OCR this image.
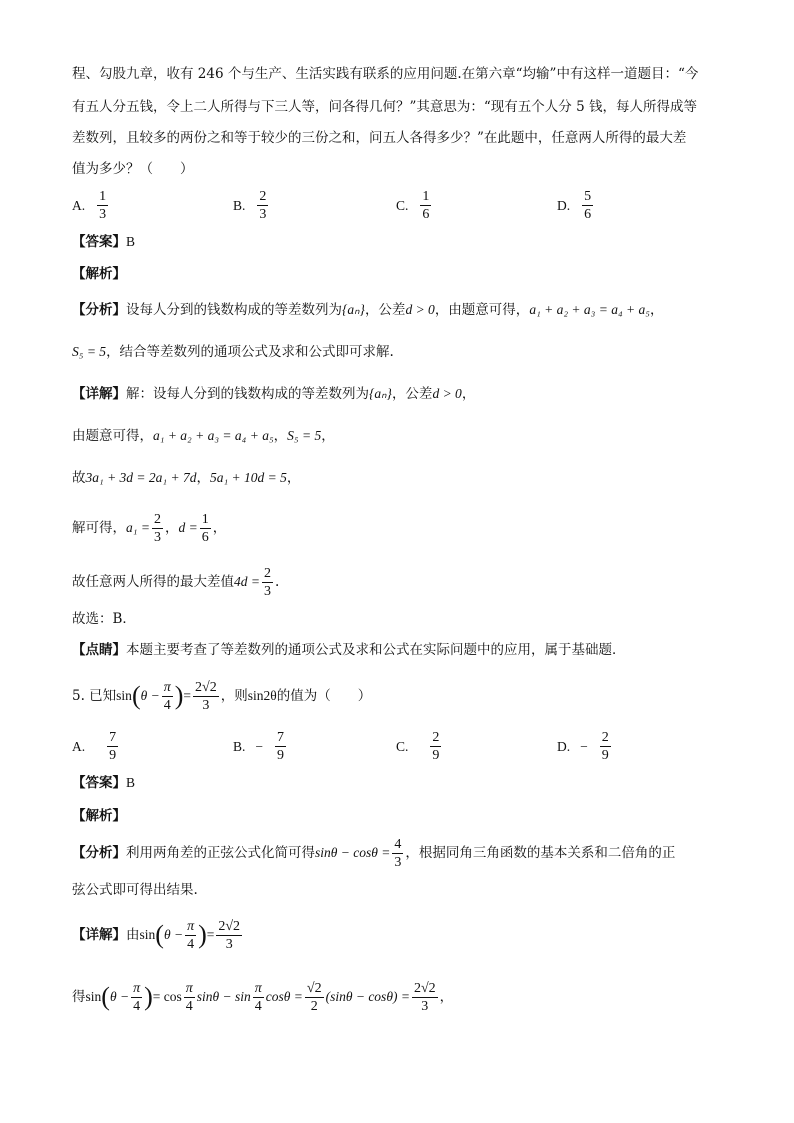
程、勾股九章，收有 246 个与生产、生活实践有联系的应用问题.在第六章“均输”中有这样一道题目：“今
有五人分五钱，令上二人所得与下三人等，问各得几何？”其意思为：“现有五个人分 5 钱，每人所得成等
差数列，且较多的两份之和等于较少的三份之和，问五人各得多少？”在此题中，任意两人所得的最大差
值为多少？（　　）
A. $\frac{1}{3}$	B. $\frac{2}{3}$	C. $\frac{1}{6}$	D. $\frac{5}{6}$
【答案】B
【解析】
【分析】设每人分到的钱数构成的等差数列为{aₙ}，公差d > 0，由题意可得，a₁ + a₂ + a₃ = a₄ + a₅，
S₅ = 5，结合等差数列的通项公式及求和公式即可求解.
【详解】解：设每人分到的钱数构成的等差数列为{aₙ}，公差d > 0，
由题意可得，a₁ + a₂ + a₃ = a₄ + a₅，S₅ = 5，
故3a₁ + 3d = 2a₁ + 7d，5a₁ + 10d = 5，
解可得， $a_1 = \frac{2}{3}$ ， $d = \frac{1}{6}$ ，
故任意两人所得的最大差值 $4d = \frac{2}{3}$ .
故选：B．
【点睛】本题主要考查了等差数列的通项公式及求和公式在实际问题中的应用，属于基础题．
5. 已知 sin ( $\theta - \frac{\pi}{4}$ ) = $\frac{2√2}{3}$ ，则 sin2θ 的值为（　　）
A. $\frac{7}{9}$	B. − $\frac{7}{9}$	C. $\frac{2}{9}$	D. − $\frac{2}{9}$
【答案】B
【解析】
【分析】 利用两角差的正弦公式化简可得 $\sin\theta - \cos\theta = \frac{4}{3}$ ，根据同角三角函数的基本关系和二倍角的正
弦公式即可得出结果.
【详解】 由 sin ( $\theta - \frac{\pi}{4}$ ) = $\frac{2√2}{3}$
得 sin ( $\theta - \frac{\pi}{4}$ ) = $\cos \frac{\pi}{4}$ $\sin\theta - \sin \frac{\pi}{4}$ $\cos\theta = \frac{√2}{2} (\sin\theta - \cos\theta) = \frac{2√2}{3}$ ，
